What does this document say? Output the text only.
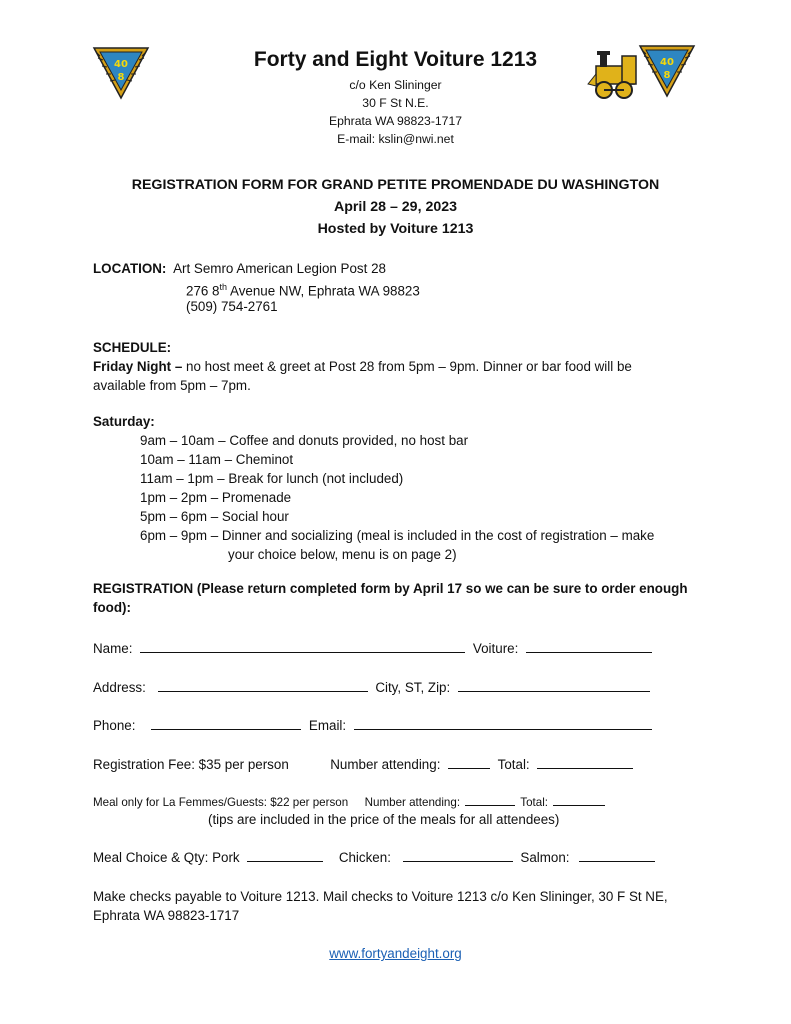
40
8
40
8
Forty and Eight Voiture 1213
c/o Ken Slininger
30 F St N.E.
Ephrata WA 98823-1717
E-mail: kslin@nwi.net
REGISTRATION FORM FOR GRAND PETITE PROMENDADE DU WASHINGTON
April 28 – 29, 2023
Hosted by Voiture 1213
LOCATION: Art Semro American Legion Post 28
276 8th Avenue NW, Ephrata WA 98823
(509) 754-2761
SCHEDULE:
Friday Night – no host meet & greet at Post 28 from 5pm – 9pm. Dinner or bar food will be
available from 5pm – 7pm.
Saturday:
9am – 10am – Coffee and donuts provided, no host bar
10am – 11am – Cheminot
11am – 1pm – Break for lunch (not included)
1pm – 2pm – Promenade
5pm – 6pm – Social hour
6pm – 9pm – Dinner and socializing (meal is included in the cost of registration – make
your choice below, menu is on page 2)
REGISTRATION (Please return completed form by April 17 so we can be sure to order enough
food):
Name:	Voiture:
Address:	City, ST, Zip:
Phone:	Email:
Registration Fee: $35 per person	Number attending:	Total:
Meal only for La Femmes/Guests: $22 per person Number attending:	Total:
(tips are included in the price of the meals for all attendees)
Meal Choice & Qty: Pork	Chicken:	Salmon:
Make checks payable to Voiture 1213. Mail checks to Voiture 1213 c/o Ken Slininger, 30 F St NE,
Ephrata WA 98823-1717
www.fortyandeight.org
